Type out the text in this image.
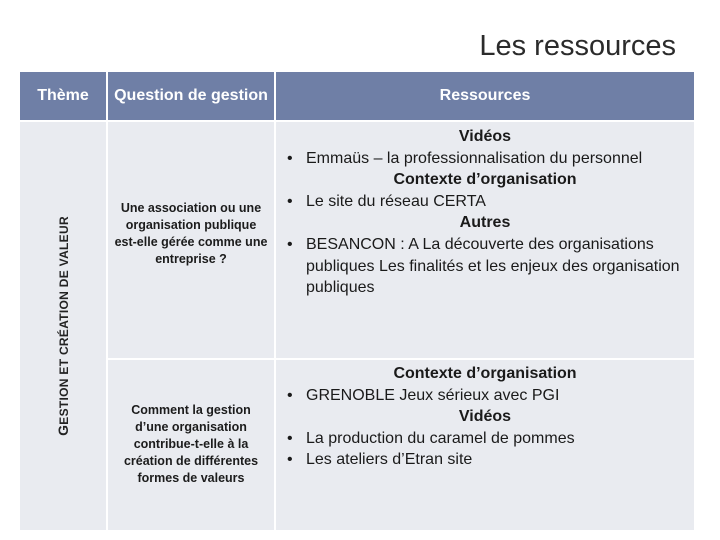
Les ressources
Thème	Question de gestion	Ressources
GESTION ET CRÉATION DE VALEUR
Une association ou une organisation publique est-elle gérée comme une entreprise ?
Vidéos
• Emmaüs – la professionnalisation du personnel
Contexte d’organisation
• Le site du réseau CERTA
Autres
• BESANCON : A La découverte des organisations publiques Les finalités et les enjeux des organisation publiques
Comment la gestion d’une organisation contribue-t-elle à la création de différentes formes de valeurs
Contexte d’organisation
• GRENOBLE Jeux sérieux avec PGI
Vidéos
• La production du caramel de pommes
• Les ateliers d’Etran site
